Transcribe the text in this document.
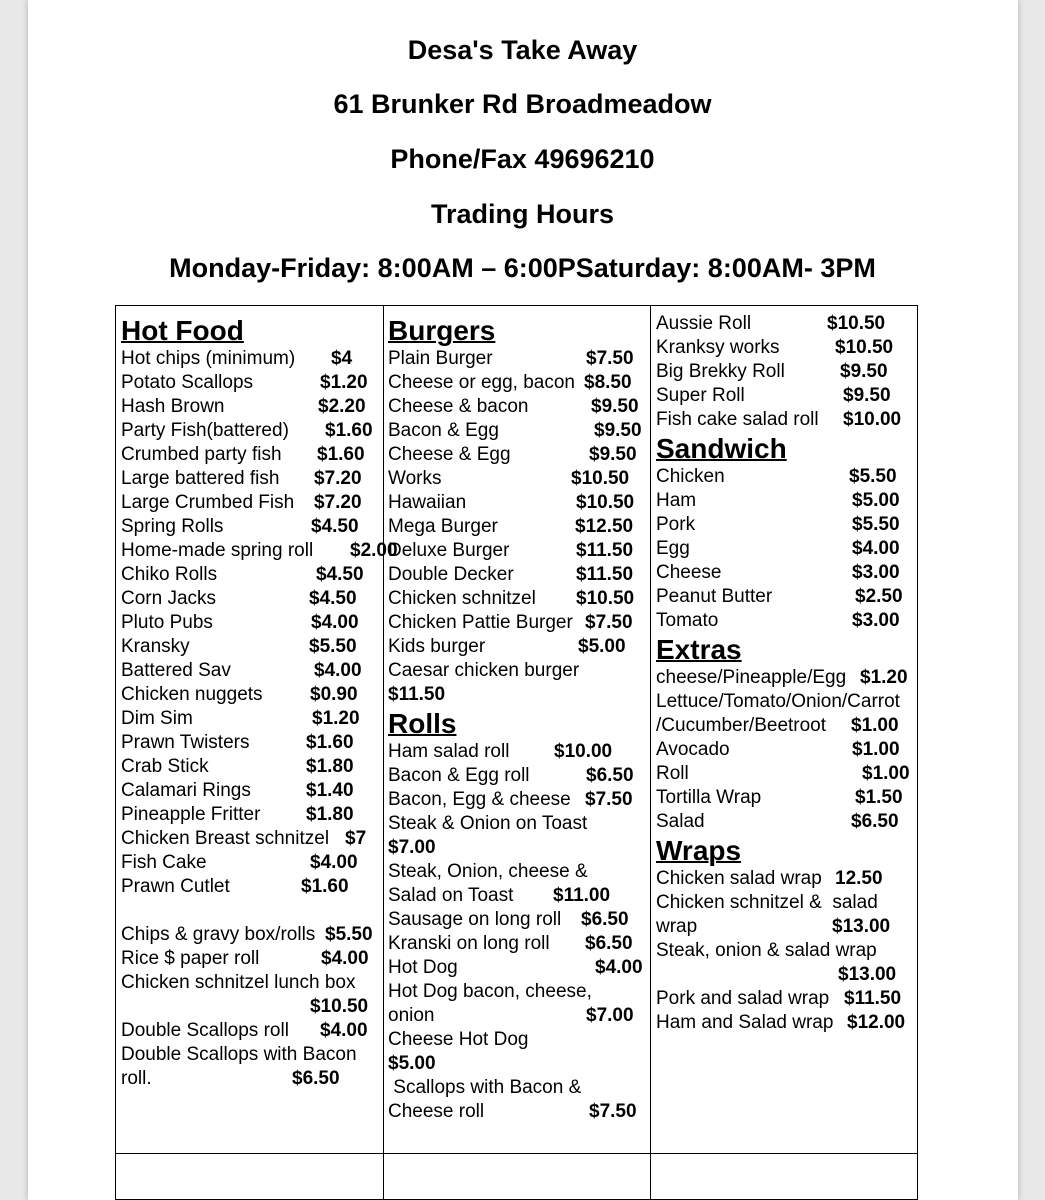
Desa's Take Away
61 Brunker Rd Broadmeadow
Phone/Fax 49696210
Trading Hours
Monday-Friday: 8:00AM – 6:00PSaturday: 8:00AM- 3PM
Hot Food
Hot chips (minimum) $4
Potato Scallops	$1.20
Hash Brown	$2.20
Party Fish(battered) $1.60
Crumbed party fish $1.60
Large battered fish $7.20
Large Crumbed Fish $7.20
Spring Rolls	$4.50
Home-made spring roll $2.00
Chiko Rolls	$4.50
Corn Jacks	$4.50
Pluto Pubs	$4.00
Kransky	$5.50
Battered Sav	$4.00
Chicken nuggets $0.90
Dim Sim	$1.20
Prawn Twisters	$1.60
Crab Stick	$1.80
Calamari Rings	$1.40
Pineapple Fritter $1.80
Chicken Breast schnitzel $7
Fish Cake	$4.00
Prawn Cutlet	$1.60
Chips & gravy box/rolls $5.50
Rice $ paper roll	$4.00
Chicken schnitzel lunch box
$10.50
Double Scallops roll $4.00
Double Scallops with Bacon
roll.	$6.50
Burgers
Plain Burger	$7.50
Cheese or egg, bacon $8.50
Cheese & bacon	$9.50
Bacon & Egg	$9.50
Cheese & Egg	$9.50
Works	$10.50
Hawaiian	$10.50
Mega Burger	$12.50
Deluxe Burger	$11.50
Double Decker	$11.50
Chicken schnitzel $10.50
Chicken Pattie Burger $7.50
Kids burger	$5.00
Caesar chicken burger
$11.50
Rolls
Ham salad roll $10.00
Bacon & Egg roll	$6.50
Bacon, Egg & cheese $7.50
Steak & Onion on Toast
$7.00
Steak, Onion, cheese &
Salad on Toast $11.00
Sausage on long roll $6.50
Kranski on long roll $6.50
Hot Dog	$4.00
Hot Dog bacon, cheese,
onion	$7.00
Cheese Hot Dog
$5.00
Scallops with Bacon &
Cheese roll	$7.50
Aussie Roll	$10.50
Kranksy works	$10.50
Big Brekky Roll	$9.50
Super Roll	$9.50
Fish cake salad roll $10.00
Sandwich
Chicken	$5.50
Ham	$5.00
Pork	$5.50
Egg	$4.00
Cheese	$3.00
Peanut Butter	$2.50
Tomato	$3.00
Extras
cheese/Pineapple/Egg $1.20
Lettuce/Tomato/Onion/Carrot
/Cucumber/Beetroot $1.00
Avocado	$1.00
Roll	$1.00
Tortilla Wrap	$1.50
Salad	$6.50
Wraps
Chicken salad wrap 12.50
Chicken schnitzel &  salad
wrap	$13.00
Steak, onion & salad wrap
$13.00
Pork and salad wrap $11.50
Ham and Salad wrap $12.00
